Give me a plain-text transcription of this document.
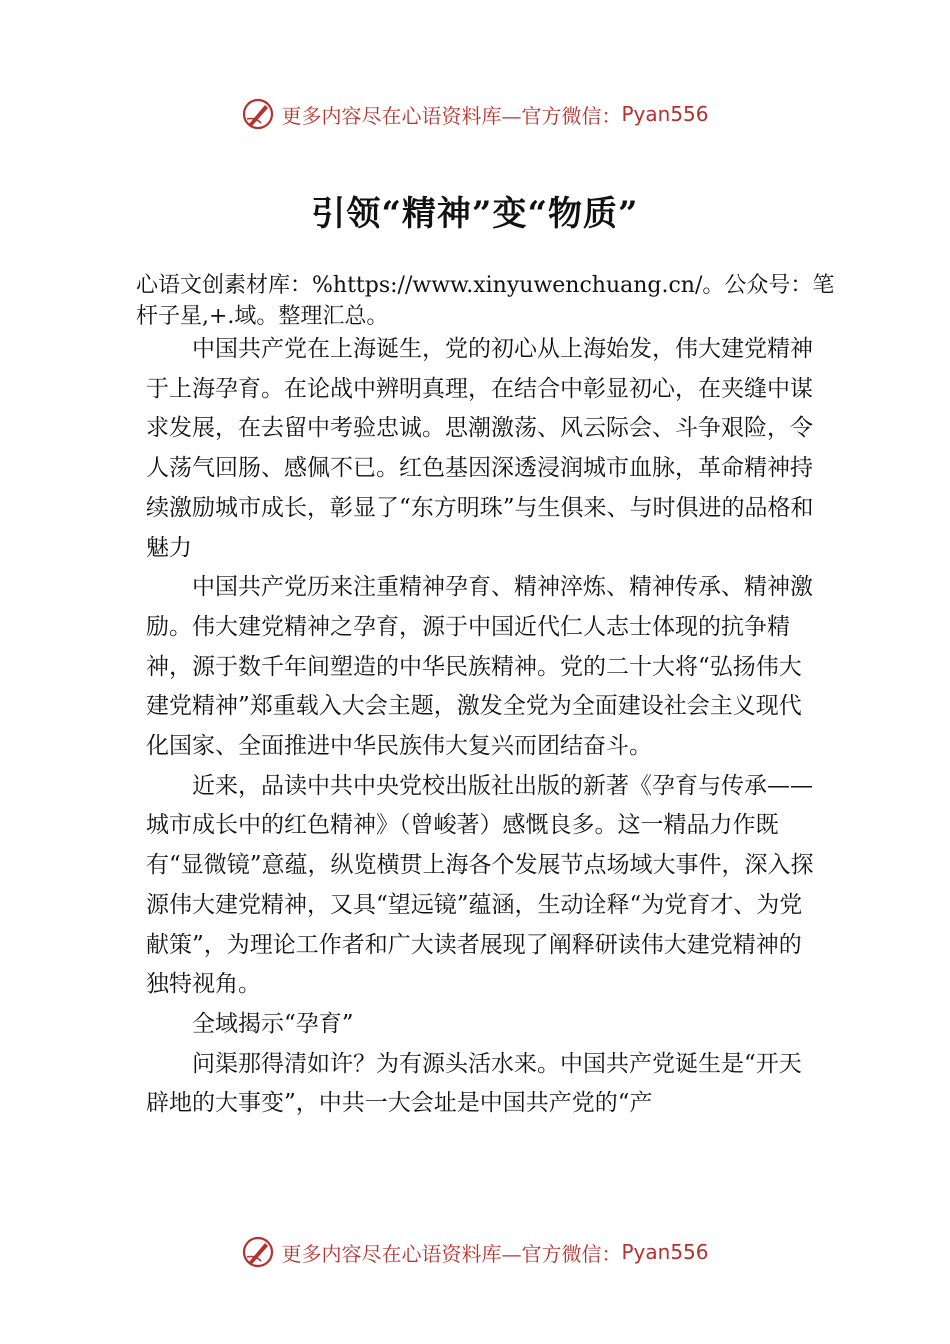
更多内容尽在心语资料库—官方微信： Pyan556
引领“精神”变“物质”
心语文创素材库：%https://www.xinyuwenchuang.cn/。公众号：笔杆子星,+.域。整理汇总。

中国共产党在上海诞生，党的初心从上海始发，伟大建党精神于上海孕育。在论战中辨明真理，在结合中彰显初心，在夹缝中谋求发展，在去留中考验忠诚。思潮激荡、风云际会、斗争艰险，令人荡气回肠、感佩不已。红色基因深透浸润城市血脉，革命精神持续激励城市成长，彰显了“东方明珠”与生俱来、与时俱进的品格和魅力

中国共产党历来注重精神孕育、精神淬炼、精神传承、精神激励。伟大建党精神之孕育，源于中国近代仁人志士体现的抗争精神，源于数千年间塑造的中华民族精神。党的二十大将“弘扬伟大建党精神”郑重载入大会主题，激发全党为全面建设社会主义现代化国家、全面推进中华民族伟大复兴而团结奋斗。

近来，品读中共中央党校出版社出版的新著《孕育与传承——城市成长中的红色精神》（曾峻著）感慨良多。这一精品力作既有“显微镜”意蕴，纵览横贯上海各个发展节点场域大事件，深入探源伟大建党精神，又具“望远镜”蕴涵，生动诠释“为党育才、为党献策”，为理论工作者和广大读者展现了阐释研读伟大建党精神的独特视角。

全域揭示“孕育”

问渠那得清如许？为有源头活水来。中国共产党诞生是“开天辟地的大事变”，中共一大会址是中国共产党的“产

更多内容尽在心语资料库—官方微信： Pyan556
